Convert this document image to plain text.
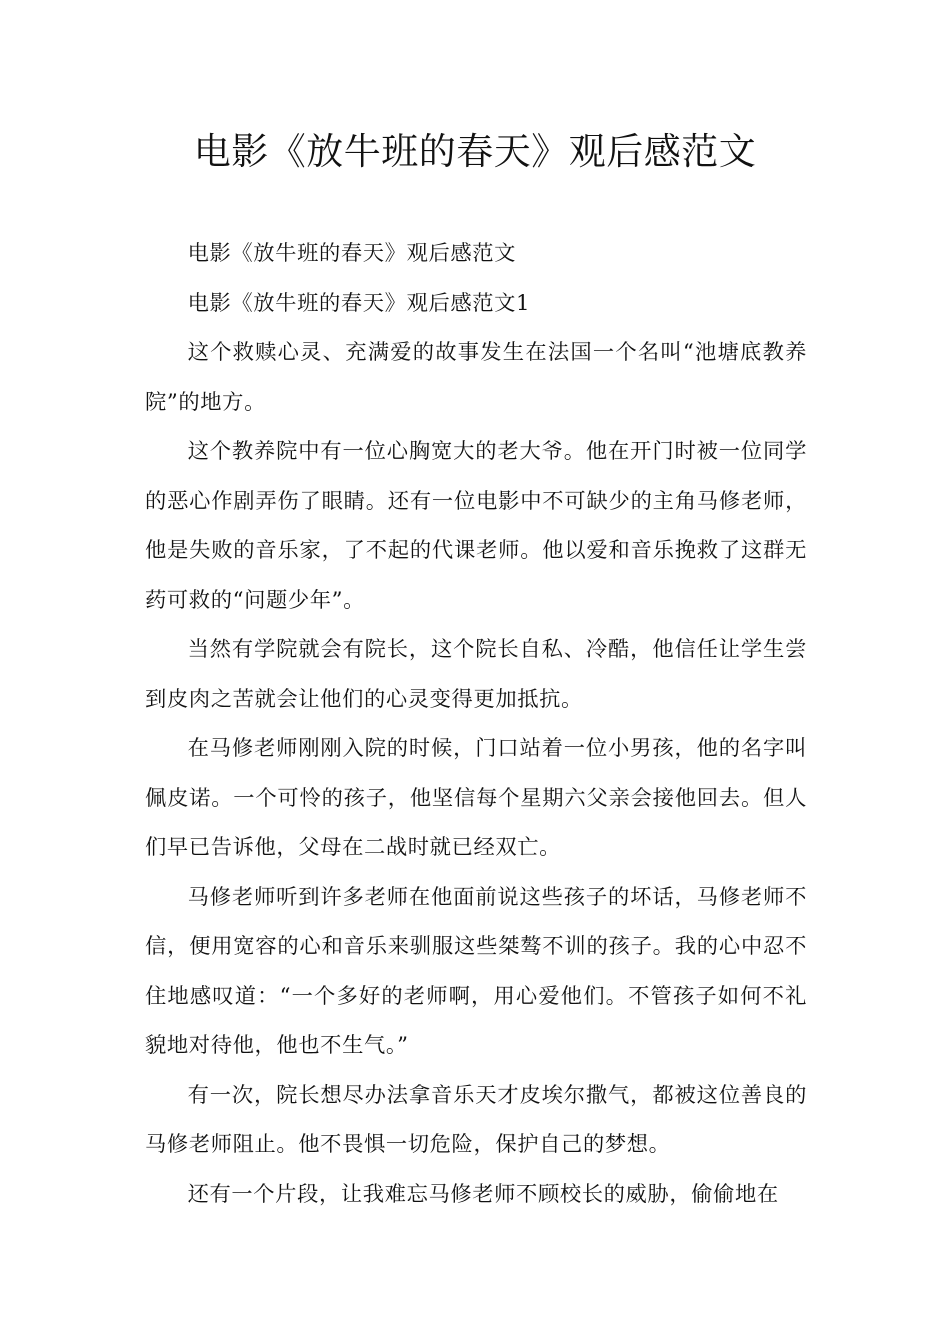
电影《放牛班的春天》观后感范文

电影《放牛班的春天》观后感范文

电影《放牛班的春天》观后感范文1

这个救赎心灵、充满爱的故事发生在法国一个名叫“池塘底教养院”的地方。

这个教养院中有一位心胸宽大的老大爷。他在开门时被一位同学的恶心作剧弄伤了眼睛。还有一位电影中不可缺少的主角马修老师，他是失败的音乐家，了不起的代课老师。他以爱和音乐挽救了这群无药可救的“问题少年”。

当然有学院就会有院长，这个院长自私、冷酷，他信任让学生尝到皮肉之苦就会让他们的心灵变得更加抵抗。

在马修老师刚刚入院的时候，门口站着一位小男孩，他的名字叫佩皮诺。一个可怜的孩子，他坚信每个星期六父亲会接他回去。但人们早已告诉他，父母在二战时就已经双亡。

马修老师听到许多老师在他面前说这些孩子的坏话，马修老师不信，便用宽容的心和音乐来驯服这些桀骜不训的孩子。我的心中忍不住地感叹道：“一个多好的老师啊，用心爱他们。不管孩子如何不礼貌地对待他，他也不生气。”

有一次，院长想尽办法拿音乐天才皮埃尔撒气，都被这位善良的马修老师阻止。他不畏惧一切危险，保护自己的梦想。

还有一个片段，让我难忘马修老师不顾校长的威胁，偷偷地在
